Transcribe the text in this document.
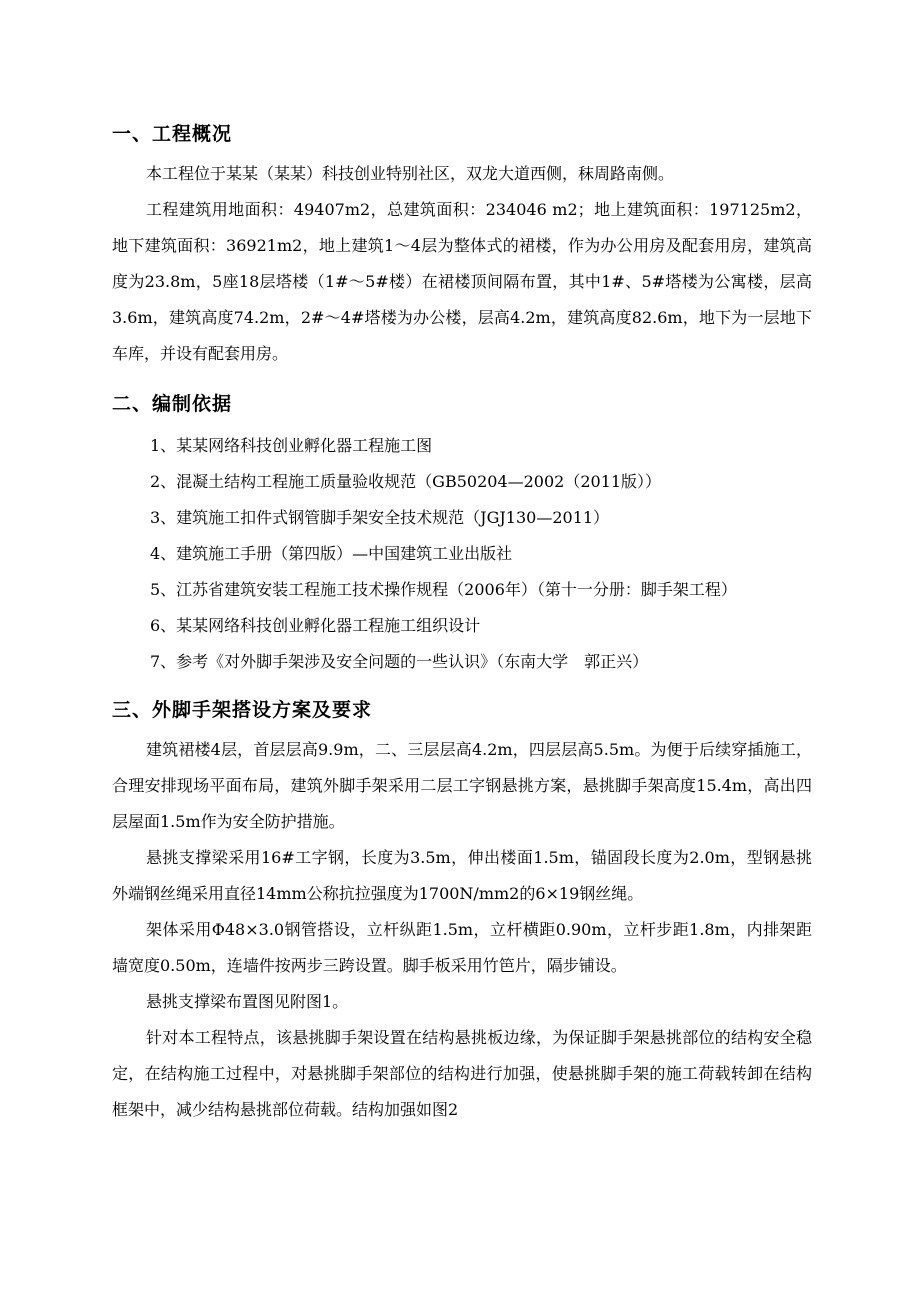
一、工程概况

本工程位于某某（某某）科技创业特别社区，双龙大道西侧，秣周路南侧。

工程建筑用地面积：49407m2，总建筑面积：234046 m2；地上建筑面积：197125m2，地下建筑面积：36921m2，地上建筑1～4层为整体式的裙楼，作为办公用房及配套用房，建筑高度为23.8m，5座18层塔楼（1#～5#楼）在裙楼顶间隔布置，其中1#、5#塔楼为公寓楼，层高3.6m，建筑高度74.2m，2#～4#塔楼为办公楼，层高4.2m，建筑高度82.6m，地下为一层地下车库，并设有配套用房。

二、编制依据

1、某某网络科技创业孵化器工程施工图

2、混凝土结构工程施工质量验收规范（GB50204—2002（2011版））

3、建筑施工扣件式钢管脚手架安全技术规范（JGJ130—2011）

4、建筑施工手册（第四版）—中国建筑工业出版社

5、江苏省建筑安装工程施工技术操作规程（2006年）（第十一分册：脚手架工程）

6、某某网络科技创业孵化器工程施工组织设计

7、参考《对外脚手架涉及安全问题的一些认识》（东南大学　郭正兴）

三、外脚手架搭设方案及要求

建筑裙楼4层，首层层高9.9m，二、三层层高4.2m，四层层高5.5m。为便于后续穿插施工，合理安排现场平面布局，建筑外脚手架采用二层工字钢悬挑方案，悬挑脚手架高度15.4m，高出四层屋面1.5m作为安全防护措施。

悬挑支撑梁采用16#工字钢，长度为3.5m，伸出楼面1.5m，锚固段长度为2.0m，型钢悬挑外端钢丝绳采用直径14mm公称抗拉强度为1700N/mm2的6×19钢丝绳。

架体采用Φ48×3.0钢管搭设，立杆纵距1.5m，立杆横距0.90m，立杆步距1.8m，内排架距墙宽度0.50m，连墙件按两步三跨设置。脚手板采用竹笆片，隔步铺设。

悬挑支撑梁布置图见附图1。

针对本工程特点，该悬挑脚手架设置在结构悬挑板边缘，为保证脚手架悬挑部位的结构安全稳定，在结构施工过程中，对悬挑脚手架部位的结构进行加强，使悬挑脚手架的施工荷载转卸在结构框架中，减少结构悬挑部位荷载。结构加强如图2
